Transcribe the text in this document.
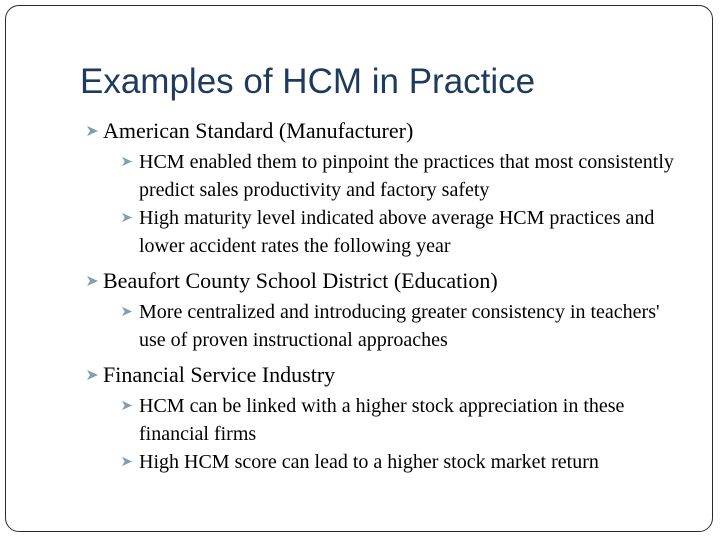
Examples of HCM in Practice
American Standard (Manufacturer)
HCM enabled them to pinpoint the practices that most consistently predict sales productivity and factory safety
High maturity level indicated above average HCM practices and lower accident rates the following year
Beaufort County School District (Education)
More centralized and introducing greater consistency in teachers' use of proven instructional approaches
Financial Service Industry
HCM can be linked with a higher stock appreciation in these financial firms
High HCM score can lead to a higher stock market return
